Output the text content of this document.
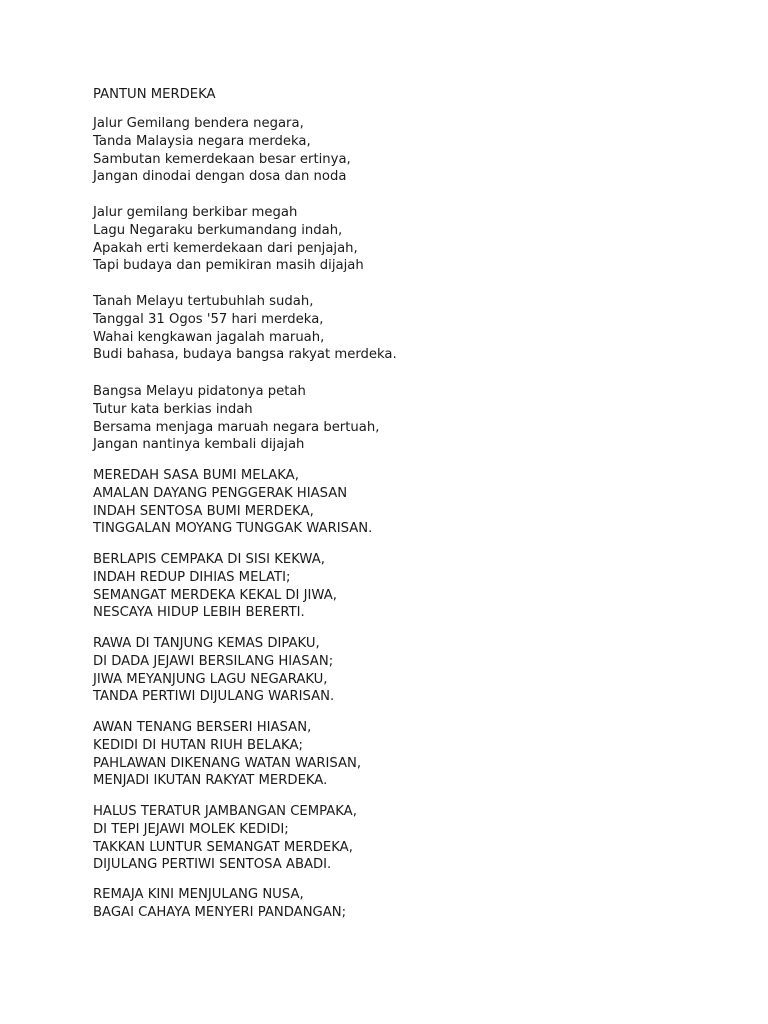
PANTUN MERDEKA
Jalur Gemilang bendera negara,
Tanda Malaysia negara merdeka,
Sambutan kemerdekaan besar ertinya,
Jangan dinodai dengan dosa dan noda
Jalur gemilang berkibar megah
Lagu Negaraku berkumandang indah,
Apakah erti kemerdekaan dari penjajah,
Tapi budaya dan pemikiran masih dijajah
Tanah Melayu tertubuhlah sudah,
Tanggal 31 Ogos '57 hari merdeka,
Wahai kengkawan jagalah maruah,
Budi bahasa, budaya bangsa rakyat merdeka.
Bangsa Melayu pidatonya petah
Tutur kata berkias indah
Bersama menjaga maruah negara bertuah,
Jangan nantinya kembali dijajah
MEREDAH SASA BUMI MELAKA,
AMALAN DAYANG PENGGERAK HIASAN
INDAH SENTOSA BUMI MERDEKA,
TINGGALAN MOYANG TUNGGAK WARISAN.
BERLAPIS CEMPAKA DI SISI KEKWA,
INDAH REDUP DIHIAS MELATI;
SEMANGAT MERDEKA KEKAL DI JIWA,
NESCAYA HIDUP LEBIH BERERTI.
RAWA DI TANJUNG KEMAS DIPAKU,
DI DADA JEJAWI BERSILANG HIASAN;
JIWA MEYANJUNG LAGU NEGARAKU,
TANDA PERTIWI DIJULANG WARISAN.
AWAN TENANG BERSERI HIASAN,
KEDIDI DI HUTAN RIUH BELAKA;
PAHLAWAN DIKENANG WATAN WARISAN,
MENJADI IKUTAN RAKYAT MERDEKA.
HALUS TERATUR JAMBANGAN CEMPAKA,
DI TEPI JEJAWI MOLEK KEDIDI;
TAKKAN LUNTUR SEMANGAT MERDEKA,
DIJULANG PERTIWI SENTOSA ABADI.
REMAJA KINI MENJULANG NUSA,
BAGAI CAHAYA MENYERI PANDANGAN;
